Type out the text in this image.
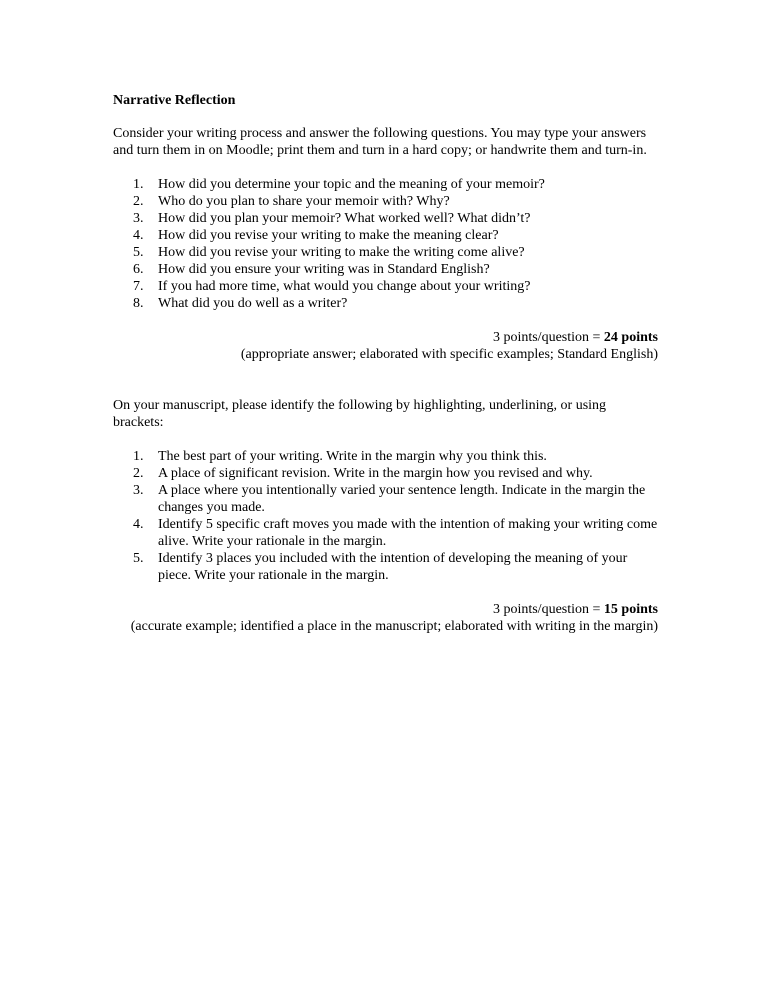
Narrative Reflection

Consider your writing process and answer the following questions. You may type your answers and turn them in on Moodle; print them and turn in a hard copy; or handwrite them and turn-in.

1.	How did you determine your topic and the meaning of your memoir?
2.	Who do you plan to share your memoir with? Why?
3.	How did you plan your memoir? What worked well? What didn’t?
4.	How did you revise your writing to make the meaning clear?
5.	How did you revise your writing to make the writing come alive?
6.	How did you ensure your writing was in Standard English?
7.	If you had more time, what would you change about your writing?
8.	What did you do well as a writer?

3 points/question = 24 points

(appropriate answer; elaborated with specific examples; Standard English)

On your manuscript, please identify the following by highlighting, underlining, or using brackets:

1.	The best part of your writing. Write in the margin why you think this.
2.	A place of significant revision. Write in the margin how you revised and why.
3.	A place where you intentionally varied your sentence length. Indicate in the margin the changes you made.
4.	Identify 5 specific craft moves you made with the intention of making your writing come alive. Write your rationale in the margin.
5.	Identify 3 places you included with the intention of developing the meaning of your piece. Write your rationale in the margin.

3 points/question = 15 points

(accurate example; identified a place in the manuscript; elaborated with writing in the margin)
